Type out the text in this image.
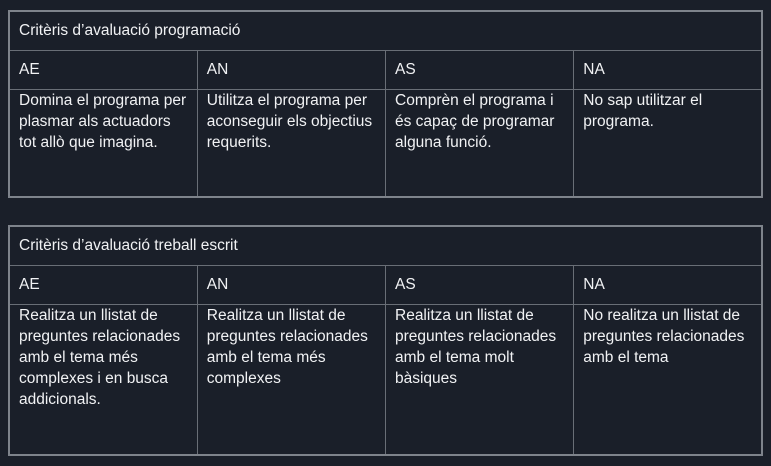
Critèris d’avaluació programació			
AE	AN	AS	NA
Domina el programa per plasmar als actuadors tot allò que imagina.	Utilitza el programa per aconseguir els objectius requerits.	Comprèn el programa i és capaç de programar alguna funció.	No sap utilitzar el programa.
Critèris d’avaluació treball escrit			
AE	AN	AS	NA
Realitza un llistat de preguntes relacionades amb el tema més complexes i en busca addicionals.	Realitza un llistat de preguntes relacionades amb el tema més complexes	Realitza un llistat de preguntes relacionades amb el tema molt bàsiques	No realitza un llistat de preguntes relacionades amb el tema
